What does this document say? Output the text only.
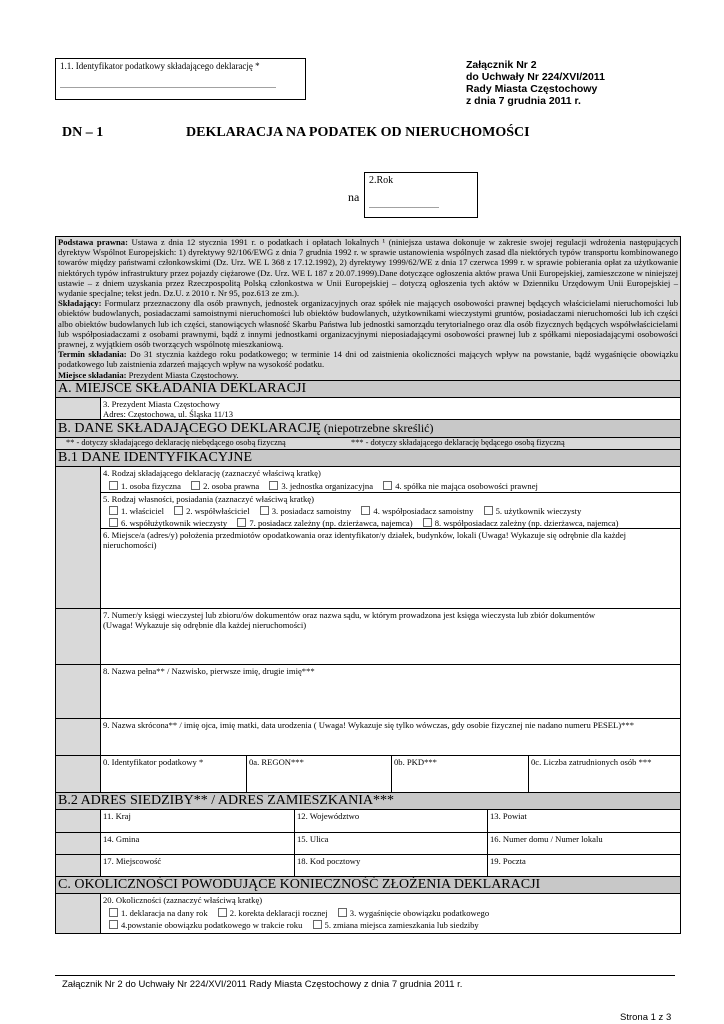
1.1. Identyfikator podatkowy składającego deklarację *
............................................................................................................
Załącznik Nr 2
do Uchwały Nr 224/XVI/2011
Rady Miasta Częstochowy
z dnia 7 grudnia 2011 r.
DN – 1	DEKLARACJA NA PODATEK OD NIERUCHOMOŚCI
na
2.Rok
...................................

Podstawa prawna: Ustawa z dnia 12 stycznia 1991 r. o podatkach i opłatach lokalnych ¹ (niniejsza ustawa dokonuje w zakresie swojej regulacji wdrożenia następujących dyrektyw Wspólnot Europejskich: 1) dyrektywy 92/106/EWG z dnia 7 grudnia 1992 r. w sprawie ustanowienia wspólnych zasad dla niektórych typów transportu kombinowanego towarów między państwami członkowskimi (Dz. Urz. WE L 368 z 17.12.1992), 2) dyrektywy 1999/62/WE z dnia 17 czerwca 1999 r. w sprawie pobierania opłat za użytkowanie niektórych typów infrastruktury przez pojazdy ciężarowe (Dz. Urz. WE L 187 z 20.07.1999).Dane dotyczące ogłoszenia aktów prawa Unii Europejskiej, zamieszczone w niniejszej ustawie – z dniem uzyskania przez Rzeczpospolitą Polską członkostwa w Unii Europejskiej – dotyczą ogłoszenia tych aktów w Dzienniku Urzędowym Unii Europejskiej – wydanie specjalne; tekst jedn. Dz.U. z 2010 r. Nr 95, poz.613 ze zm.).

Składający: Formularz przeznaczony dla osób prawnych, jednostek organizacyjnych oraz spółek nie mających osobowości prawnej będących właścicielami nieruchomości lub obiektów budowlanych, posiadaczami samoistnymi nieruchomości lub obiektów budowlanych, użytkownikami wieczystymi gruntów, posiadaczami nieruchomości lub ich części albo obiektów budowlanych lub ich części, stanowiących własność Skarbu Państwa lub jednostki samorządu terytorialnego oraz dla osób fizycznych będących współwłaścicielami lub współposiadaczami z osobami prawnymi, bądź z innymi jednostkami organizacyjnymi nieposiadającymi osobowości prawnej lub z spółkami nieposiadającymi osobowości prawnej, z wyjątkiem osób tworzących wspólnotę mieszkaniową.

Termin składania: Do 31 stycznia każdego roku podatkowego; w terminie 14 dni od zaistnienia okoliczności mających wpływ na powstanie, bądź wygaśnięcie obowiązku podatkowego lub zaistnienia zdarzeń mających wpływ na wysokość podatku.

Miejsce składania: Prezydent Miasta Częstochowy.

A. MIEJSCE SKŁADANIA DEKLARACJI
3. Prezydent Miasta Częstochowy
Adres: Częstochowa, ul. Śląska 11/13
B. DANE SKŁADAJĄCEGO DEKLARACJĘ (niepotrzebne skreślić)
** - dotyczy składającego deklarację niebędącego osobą fizyczną	*** - dotyczy składającego deklarację będącego osobą fizyczną
B.1 DANE IDENTYFIKACYJNE
4. Rodzaj składającego deklarację (zaznaczyć właściwą kratkę)
1. osoba fizyczna	2. osoba prawna	3. jednostka organizacyjna	4. spółka nie mająca osobowości prawnej
5. Rodzaj własności, posiadania (zaznaczyć właściwą kratkę)
1. właściciel	2. współwłaściciel	3. posiadacz samoistny	4. współposiadacz samoistny	5. użytkownik wieczysty
6. współużytkownik wieczysty	7. posiadacz zależny (np. dzierżawca, najemca)	8. współposiadacz zależny (np. dzierżawca, najemca)
6. Miejsce/a (adres/y) położenia przedmiotów opodatkowania oraz identyfikator/y działek, budynków, lokali (Uwaga! Wykazuje się odrębnie dla każdej nieruchomości)
7. Numer/y księgi wieczystej lub zbioru/ów dokumentów oraz nazwa sądu, w którym prowadzona jest księga wieczysta lub zbiór dokumentów
(Uwaga! Wykazuje się odrębnie dla każdej nieruchomości)
8. Nazwa pełna** / Nazwisko, pierwsze imię, drugie imię***
9. Nazwa skrócona** / imię ojca, imię matki, data urodzenia ( Uwaga! Wykazuje się tylko wówczas, gdy osobie fizycznej nie nadano numeru PESEL)***
0. Identyfikator podatkowy *	0a. REGON***	0b. PKD***	0c. Liczba zatrudnionych osób ***
B.2 ADRES SIEDZIBY** / ADRES ZAMIESZKANIA***
11. Kraj	12. Województwo	13. Powiat
14. Gmina	15. Ulica	16. Numer domu / Numer lokalu
17. Miejscowość	18. Kod pocztowy	19. Poczta
C. OKOLICZNOŚCI POWODUJĄCE KONIECZNOŚĆ ZŁOŻENIA DEKLARACJI
20. Okoliczności (zaznaczyć właściwą kratkę)
1. deklaracja na dany rok	2. korekta deklaracji rocznej	3. wygaśnięcie obowiązku podatkowego
4.powstanie obowiązku podatkowego w trakcie roku	5. zmiana miejsca zamieszkania lub siedziby
Załącznik Nr 2 do Uchwały Nr 224/XVI/2011 Rady Miasta Częstochowy z dnia 7 grudnia 2011 r.
Strona 1 z 3
